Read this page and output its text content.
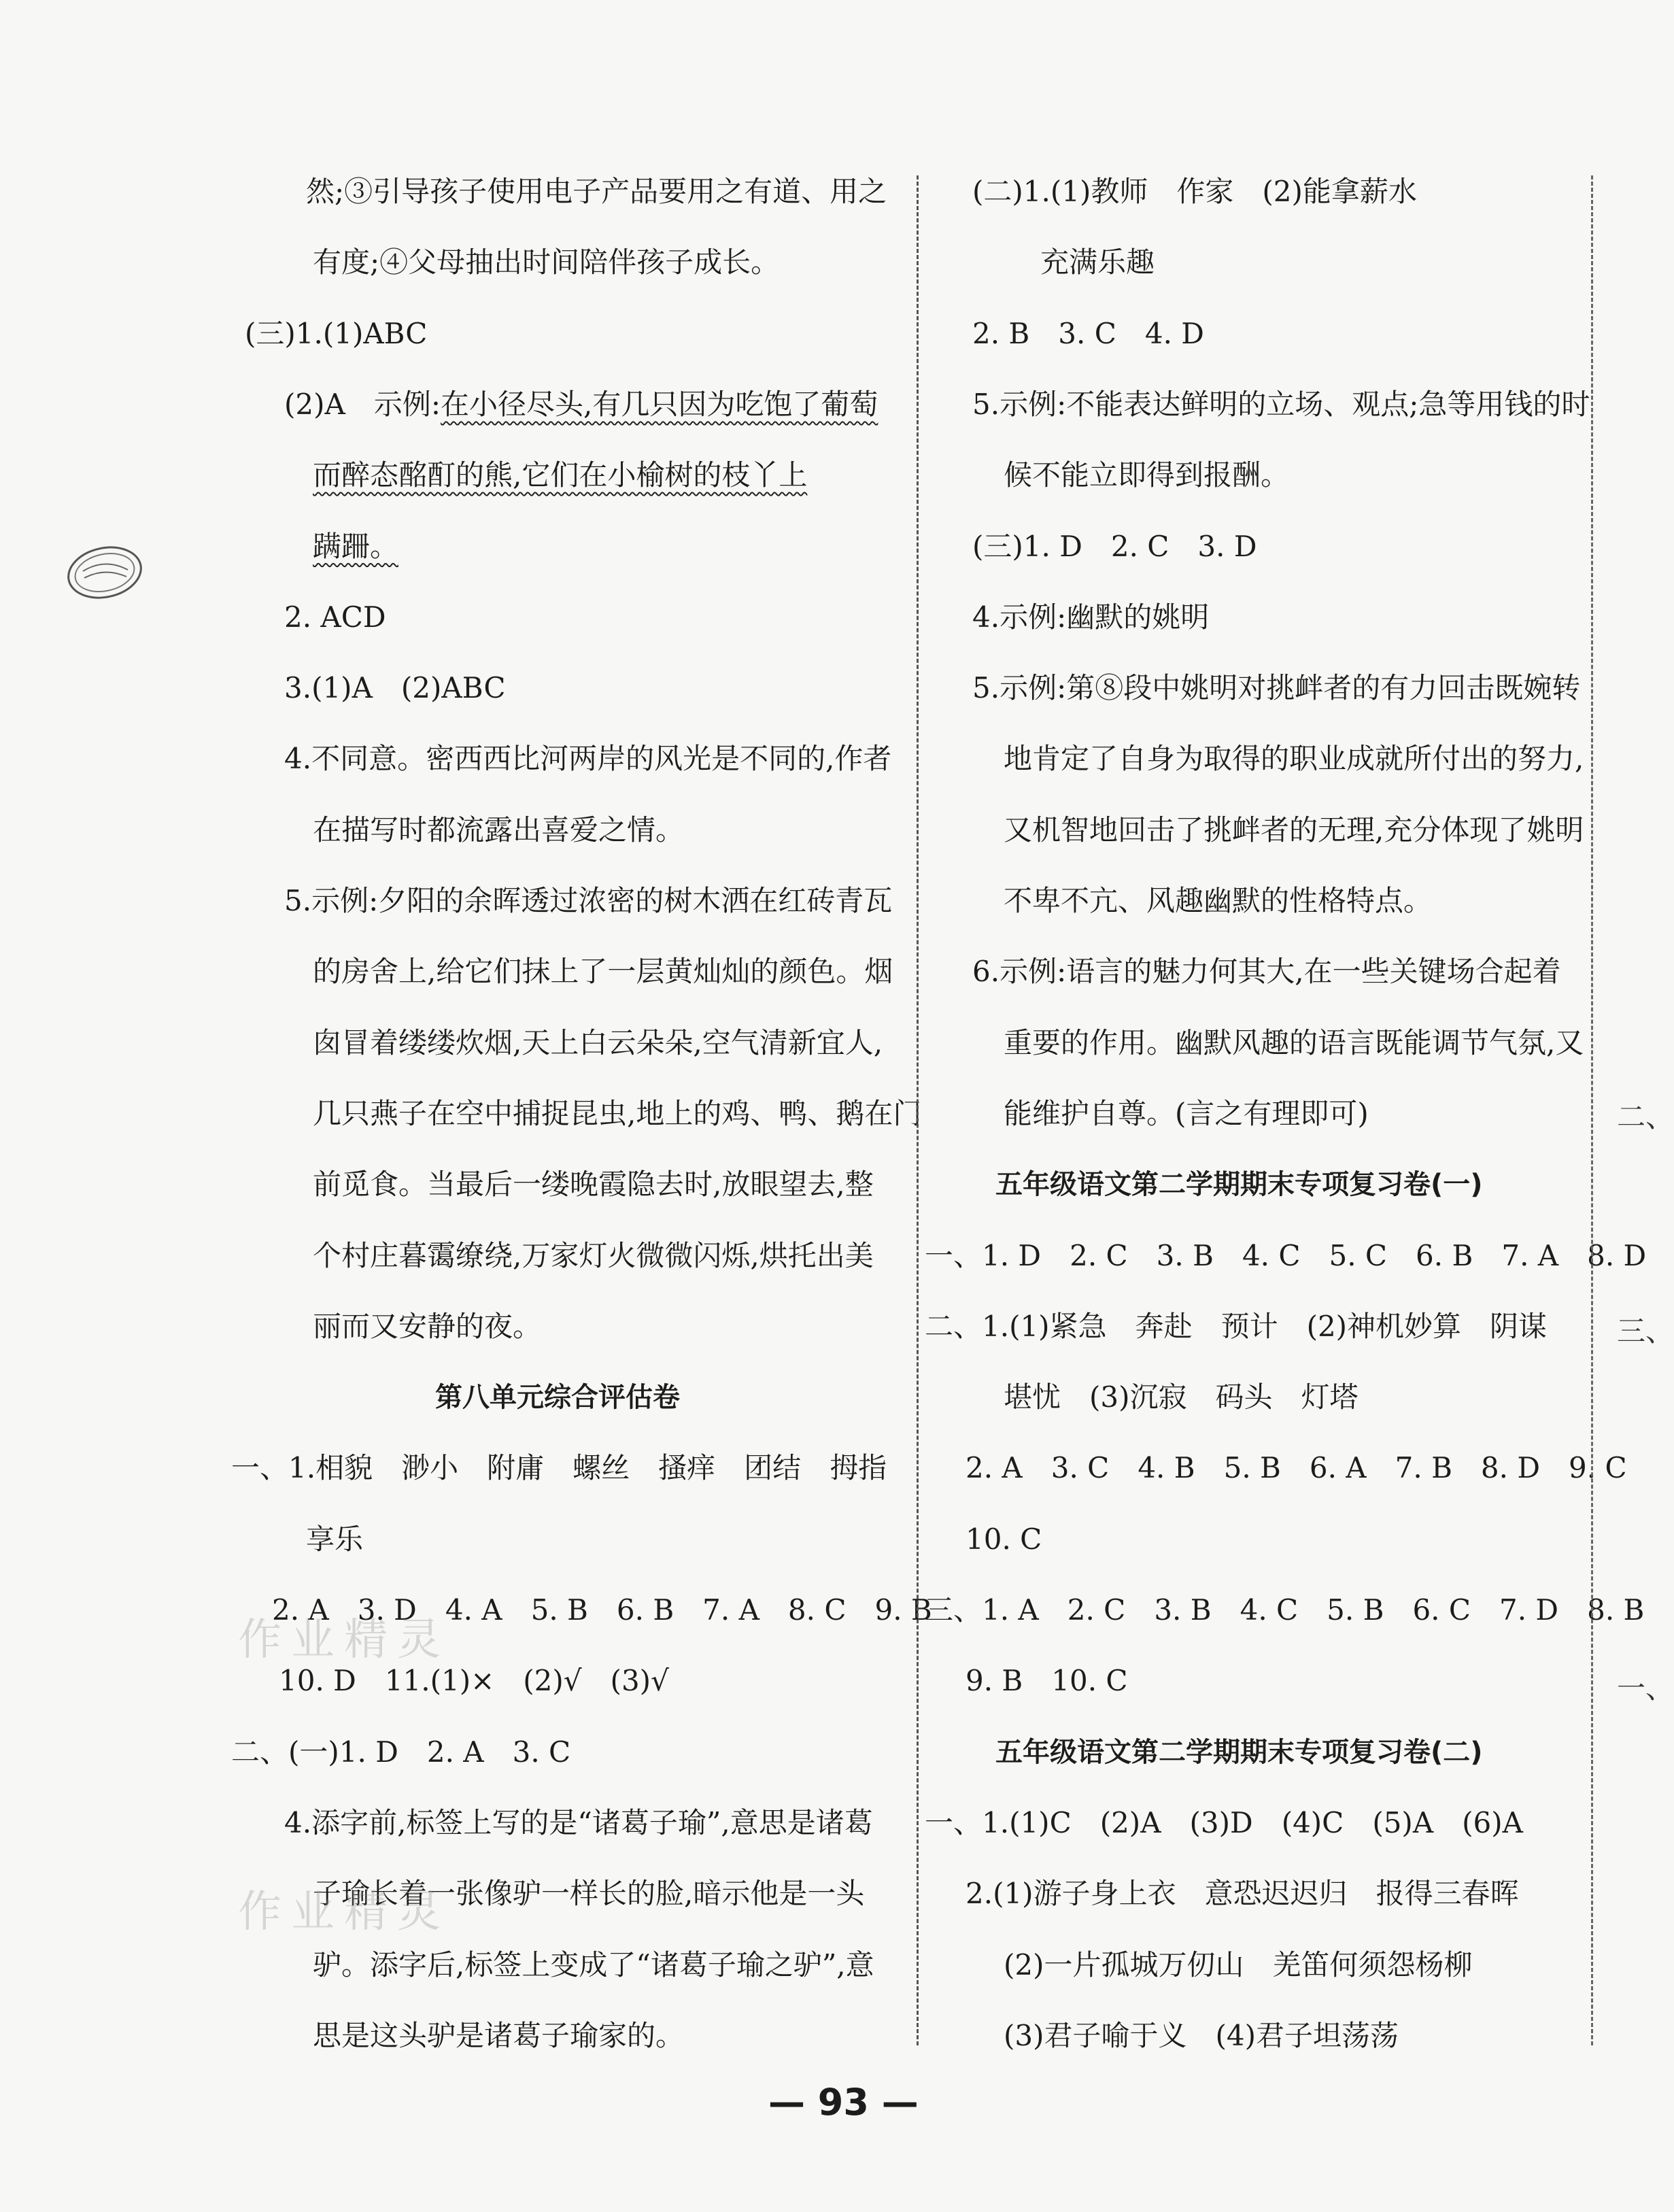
然;③引导孩子使用电子产品要用之有道、用之
有度;④父母抽出时间陪伴孩子成长。
(三)1.(1)ABC
(2)A　示例:在小径尽头,有几只因为吃饱了葡萄
而醉态酩酊的熊,它们在小榆树的枝丫上
蹒跚。
2. ACD
3.(1)A　(2)ABC
4.不同意。密西西比河两岸的风光是不同的,作者
在描写时都流露出喜爱之情。
5.示例:夕阳的余晖透过浓密的树木洒在红砖青瓦
的房舍上,给它们抹上了一层黄灿灿的颜色。烟
囱冒着缕缕炊烟,天上白云朵朵,空气清新宜人,
几只燕子在空中捕捉昆虫,地上的鸡、鸭、鹅在门
前觅食。当最后一缕晚霞隐去时,放眼望去,整
个村庄暮霭缭绕,万家灯火微微闪烁,烘托出美
丽而又安静的夜。
第八单元综合评估卷
一、1.相貌　渺小　附庸　螺丝　搔痒　团结　拇指
享乐
2. A　3. D　4. A　5. B　6. B　7. A　8. C　9. B
10. D　11.(1)×　(2)√　(3)√
二、(一)1. D　2. A　3. C
4.添字前,标签上写的是“诸葛子瑜”,意思是诸葛
子瑜长着一张像驴一样长的脸,暗示他是一头
驴。添字后,标签上变成了“诸葛子瑜之驴”,意
思是这头驴是诸葛子瑜家的。
(二)1.(1)教师　作家　(2)能拿薪水
充满乐趣
2. B　3. C　4. D
5.示例:不能表达鲜明的立场、观点;急等用钱的时
候不能立即得到报酬。
(三)1. D　2. C　3. D
4.示例:幽默的姚明
5.示例:第⑧段中姚明对挑衅者的有力回击既婉转
地肯定了自身为取得的职业成就所付出的努力,
又机智地回击了挑衅者的无理,充分体现了姚明
不卑不亢、风趣幽默的性格特点。
6.示例:语言的魅力何其大,在一些关键场合起着
重要的作用。幽默风趣的语言既能调节气氛,又
能维护自尊。(言之有理即可)
五年级语文第二学期期末专项复习卷(一)
一、1. D　2. C　3. B　4. C　5. C　6. B　7. A　8. D
二、1.(1)紧急　奔赴　预计　(2)神机妙算　阴谋
堪忧　(3)沉寂　码头　灯塔
2. A　3. C　4. B　5. B　6. A　7. B　8. D　9. C
10. C
三、1. A　2. C　3. B　4. C　5. B　6. C　7. D　8. B
9. B　10. C
五年级语文第二学期期末专项复习卷(二)
一、1.(1)C　(2)A　(3)D　(4)C　(5)A　(6)A
2.(1)游子身上衣　意恐迟迟归　报得三春晖
(2)一片孤城万仞山　羌笛何须怨杨柳
(3)君子喻于义　(4)君子坦荡荡
二、
三、
一、
作业精灵
作业精灵
— 93 —
